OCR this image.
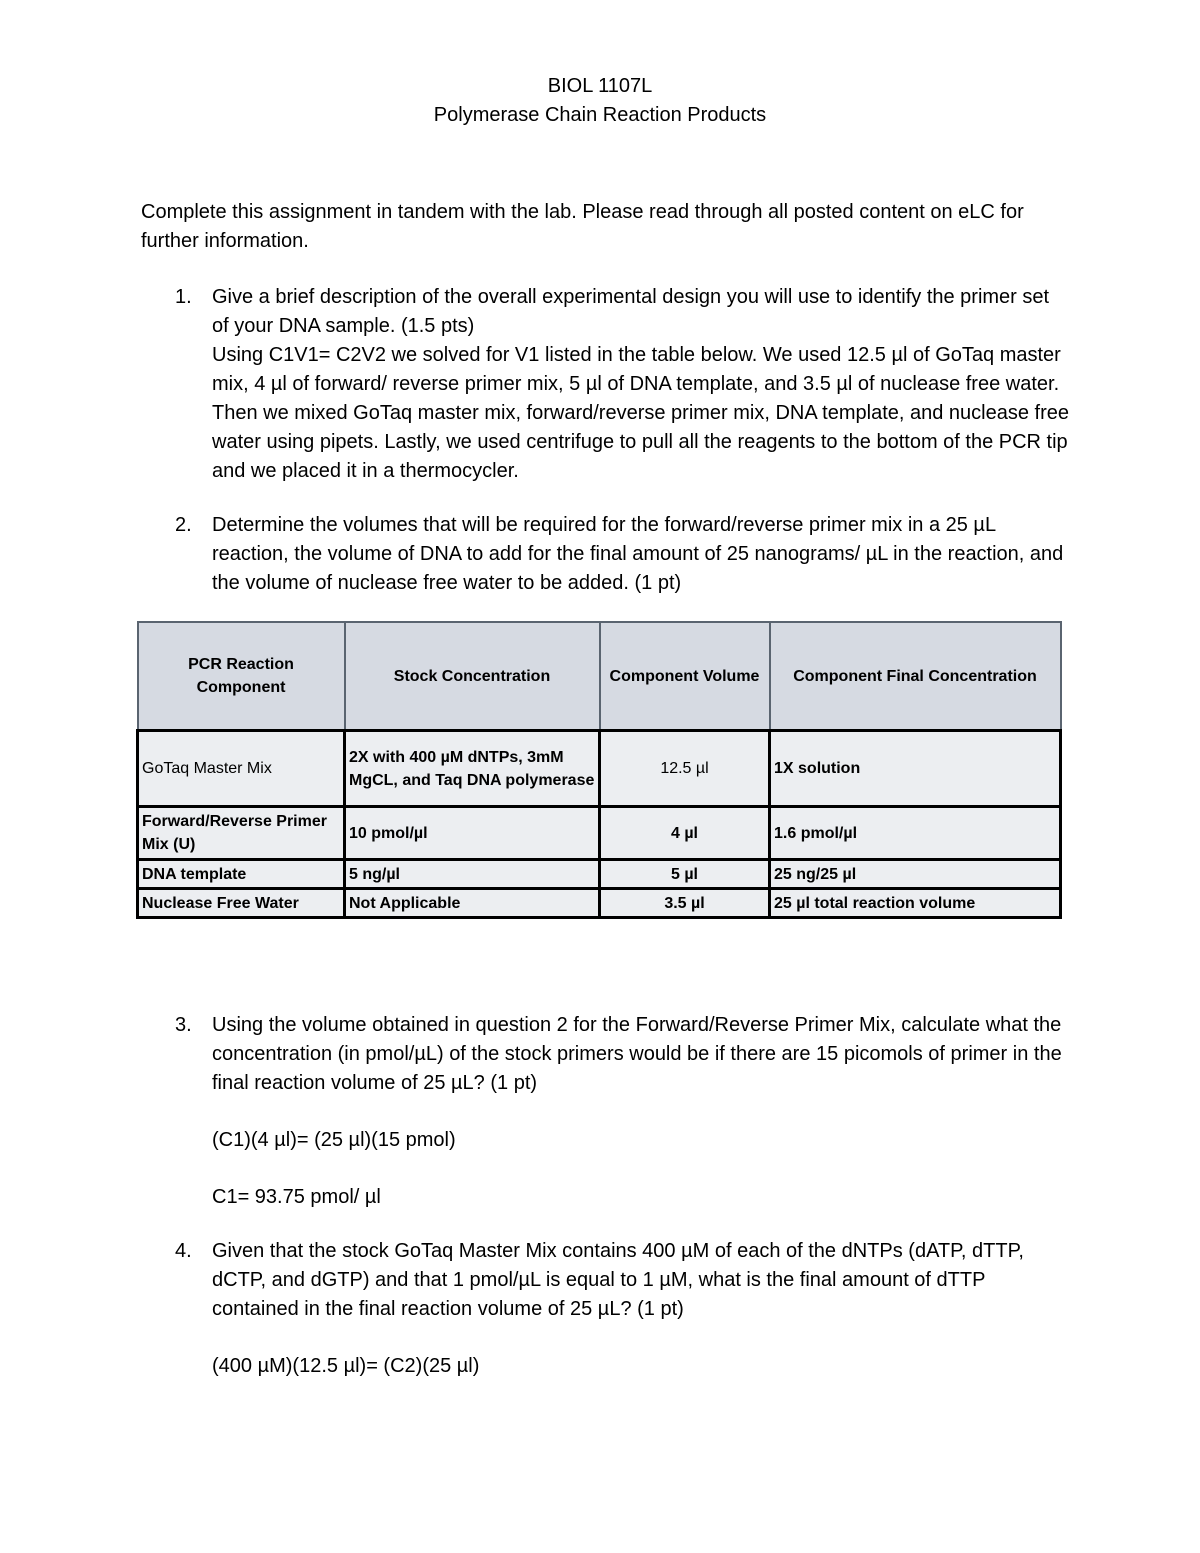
BIOL 1107L
Polymerase Chain Reaction Products
Complete this assignment in tandem with the lab. Please read through all posted content on eLC for further information.
1. Give a brief description of the overall experimental design you will use to identify the primer set of your DNA sample. (1.5 pts)
Using C1V1= C2V2 we solved for V1 listed in the table below. We used 12.5 µl of GoTaq master mix, 4 µl of forward/ reverse primer mix, 5 µl of DNA template, and 3.5 µl of nuclease free water. Then we mixed GoTaq master mix, forward/reverse primer mix, DNA template, and nuclease free water using pipets. Lastly, we used centrifuge to pull all the reagents to the bottom of the PCR tip and we placed it in a thermocycler.
2. Determine the volumes that will be required for the forward/reverse primer mix in a 25 µL reaction, the volume of DNA to add for the final amount of 25 nanograms/ µL in the reaction, and the volume of nuclease free water to be added. (1 pt)
PCR Reaction Component	Stock Concentration	Component Volume	Component Final Concentration
GoTaq Master Mix	2X with 400 µM dNTPs, 3mM MgCL, and Taq DNA polymerase	12.5 µl	1X solution
Forward/Reverse Primer Mix (U)	10 pmol/µl	4 µl	1.6 pmol/µl
DNA template	5 ng/µl	5 µl	25 ng/25 µl
Nuclease Free Water	Not Applicable	3.5 µl	25 µl total reaction volume
3. Using the volume obtained in question 2 for the Forward/Reverse Primer Mix, calculate what the concentration (in pmol/µL) of the stock primers would be if there are 15 picomols of primer in the final reaction volume of 25 µL? (1 pt)
(C1)(4 µl)= (25 µl)(15 pmol)
C1= 93.75 pmol/ µl
4. Given that the stock GoTaq Master Mix contains 400 µM of each of the dNTPs (dATP, dTTP, dCTP, and dGTP) and that 1 pmol/µL is equal to 1 µM, what is the final amount of dTTP contained in the final reaction volume of 25 µL? (1 pt)
(400 µM)(12.5 µl)= (C2)(25 µl)
